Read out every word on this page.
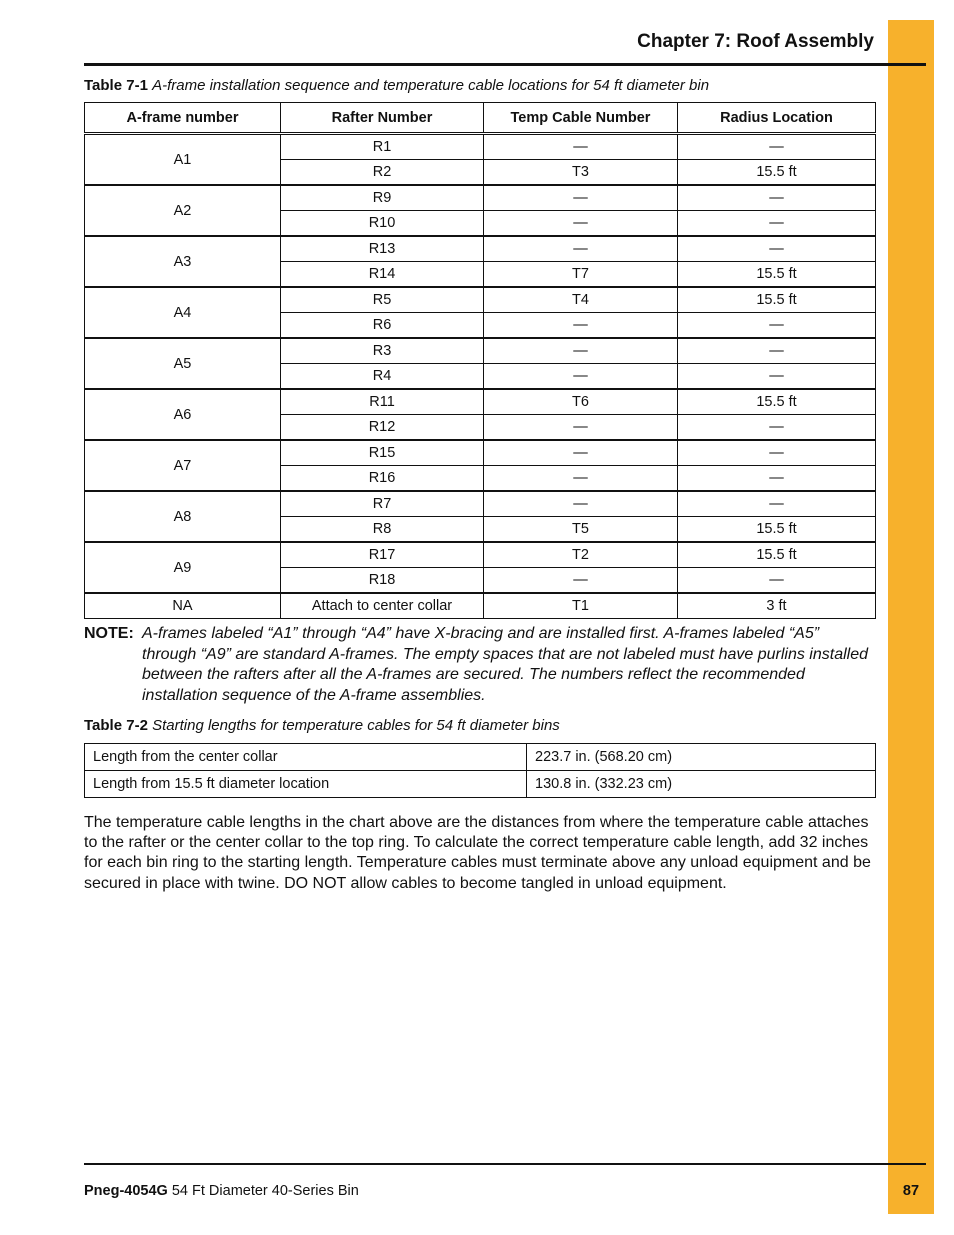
Chapter 7: Roof Assembly
Table 7-1 A-frame installation sequence and temperature cable locations for 54 ft diameter bin
A-frame number	Rafter Number	Temp Cable Number	Radius Location
A1	R1	—	—
	R2	T3	15.5 ft
A2	R9	—	—
	R10	—	—
A3	R13	—	—
	R14	T7	15.5 ft
A4	R5	T4	15.5 ft
	R6	—	—
A5	R3	—	—
	R4	—	—
A6	R11	T6	15.5 ft
	R12	—	—
A7	R15	—	—
	R16	—	—
A8	R7	—	—
	R8	T5	15.5 ft
A9	R17	T2	15.5 ft
	R18	—	—
NA	Attach to center collar	T1	3 ft
NOTE: A-frames labeled “A1” through “A4” have X-bracing and are installed first. A-frames labeled “A5” through “A9” are standard A-frames. The empty spaces that are not labeled must have purlins installed between the rafters after all the A-frames are secured. The numbers reflect the recommended installation sequence of the A-frame assemblies.
Table 7-2 Starting lengths for temperature cables for 54 ft diameter bins
Length from the center collar	223.7 in. (568.20 cm)
Length from 15.5 ft diameter location	130.8 in. (332.23 cm)

The temperature cable lengths in the chart above are the distances from where the temperature cable attaches to the rafter or the center collar to the top ring. To calculate the correct temperature cable length, add 32 inches for each bin ring to the starting length. Temperature cables must terminate above any unload equipment and be secured in place with twine. DO NOT allow cables to become tangled in unload equipment.

Pneg-4054G 54 Ft Diameter 40-Series Bin	87
